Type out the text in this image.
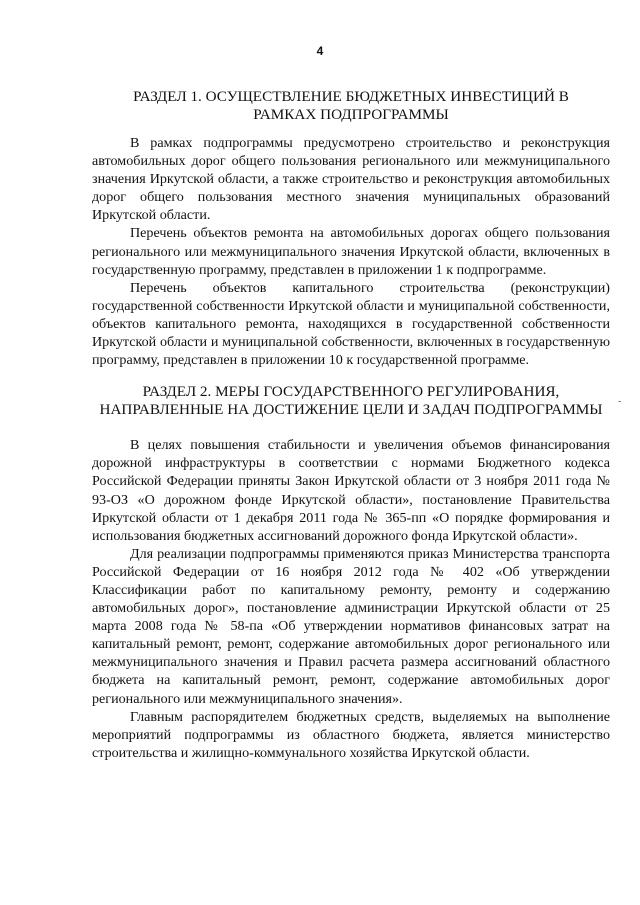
4
РАЗДЕЛ 1. ОСУЩЕСТВЛЕНИЕ БЮДЖЕТНЫХ ИНВЕСТИЦИЙ В
РАМКАХ ПОДПРОГРАММЫ

В рамках подпрограммы предусмотрено строительство и реконструкция автомобильных дорог общего пользования регионального или межмуниципального значения Иркутской области, а также строительство и реконструкция автомобильных дорог общего пользования местного значения муниципальных образований Иркутской области.

Перечень объектов ремонта на автомобильных дорогах общего пользования регионального или межмуниципального значения Иркутской области, включенных в государственную программу, представлен в приложении 1 к подпрограмме.

Перечень объектов капитального строительства (реконструкции) государственной собственности Иркутской области и муниципальной собственности, объектов капитального ремонта, находящихся в государственной собственности Иркутской области и муниципальной собственности, включенных в государственную программу, представлен в приложении 10 к государственной программе.

РАЗДЕЛ 2. МЕРЫ ГОСУДАРСТВЕННОГО РЕГУЛИРОВАНИЯ,
НАПРАВЛЕННЫЕ НА ДОСТИЖЕНИЕ ЦЕЛИ И ЗАДАЧ ПОДПРОГРАММЫ

В целях повышения стабильности и увеличения объемов финансирования дорожной инфраструктуры в соответствии с нормами Бюджетного кодекса Российской Федерации приняты Закон Иркутской области от 3 ноября 2011 года № 93-ОЗ «О дорожном фонде Иркутской области», постановление Правительства Иркутской области от 1 декабря 2011 года № 365-пп «О порядке формирования и использования бюджетных ассигнований дорожного фонда Иркутской области».

Для реализации подпрограммы применяются приказ Министерства транспорта Российской Федерации от 16 ноября 2012 года № 402 «Об утверждении Классификации работ по капитальному ремонту, ремонту и содержанию автомобильных дорог», постановление администрации Иркутской области от 25 марта 2008 года № 58-па «Об утверждении нормативов финансовых затрат на капитальный ремонт, ремонт, содержание автомобильных дорог регионального или межмуниципального значения и Правил расчета размера ассигнований областного бюджета на капитальный ремонт, ремонт, содержание автомобильных дорог регионального или межмуниципального значения».

Главным распорядителем бюджетных средств, выделяемых на выполнение мероприятий подпрограммы из областного бюджета, является министерство строительства и жилищно-коммунального хозяйства Иркутской области.

-
